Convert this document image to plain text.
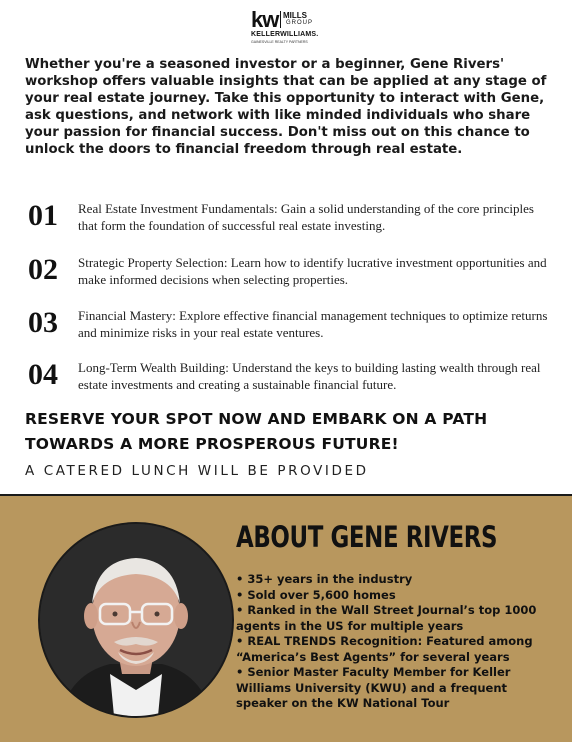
kw MILLS
GROUP
KELLERWILLIAMS.
GAINESVILLE REALTY PARTNERS

Whether you're a seasoned investor or a beginner, Gene Rivers' workshop offers valuable insights that can be applied at any stage of your real estate journey. Take this opportunity to interact with Gene, ask questions, and network with like minded individuals who share your passion for financial success. Don't miss out on this chance to unlock the doors to financial freedom through real estate.

01 Real Estate Investment Fundamentals: Gain a solid understanding of the core principles that form the foundation of successful real estate investing.
02 Strategic Property Selection: Learn how to identify lucrative investment opportunities and make informed decisions when selecting properties.
03 Financial Mastery: Explore effective financial management techniques to optimize returns and minimize risks in your real estate ventures.
04 Long-Term Wealth Building: Understand the keys to building lasting wealth through real estate investments and creating a sustainable financial future.

RESERVE YOUR SPOT NOW AND EMBARK ON A PATH TOWARDS A MORE PROSPEROUS FUTURE!

A CATERED LUNCH WILL BE PROVIDED

ABOUT GENE RIVERS
• 35+ years in the industry
• Sold over 5,600 homes
• Ranked in the Wall Street Journal’s top 1000 agents in the US for multiple years
• REAL TRENDS Recognition: Featured among “America’s Best Agents” for several years
• Senior Master Faculty Member for Keller Williams University (KWU) and a frequent speaker on the KW National Tour
